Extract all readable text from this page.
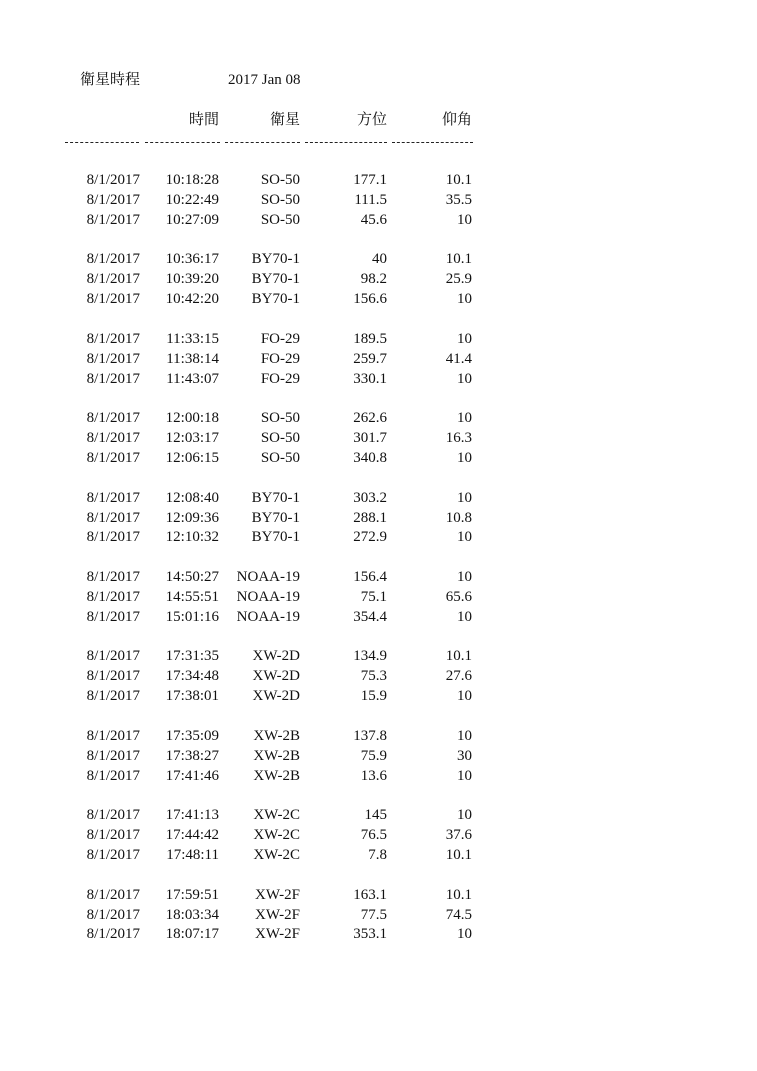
衛星時程	2017 Jan 08
時間	衛星	方位	仰角
8/1/2017 10:18:28	SO-50	177.1	10.1
8/1/2017 10:22:49	SO-50	111.5	35.5
8/1/2017 10:27:09	SO-50	45.6	10
8/1/2017 10:36:17 BY70-1	40	10.1
8/1/2017 10:39:20 BY70-1	98.2	25.9
8/1/2017 10:42:20 BY70-1	156.6	10
8/1/2017 11:33:15	FO-29	189.5	10
8/1/2017 11:38:14	FO-29	259.7	41.4
8/1/2017 11:43:07	FO-29	330.1	10
8/1/2017 12:00:18	SO-50	262.6	10
8/1/2017 12:03:17	SO-50	301.7	16.3
8/1/2017 12:06:15	SO-50	340.8	10
8/1/2017 12:08:40 BY70-1	303.2	10
8/1/2017 12:09:36 BY70-1	288.1	10.8
8/1/2017 12:10:32 BY70-1	272.9	10
8/1/2017 14:50:27 NOAA-19	156.4	10
8/1/2017 14:55:51 NOAA-19	75.1	65.6
8/1/2017 15:01:16 NOAA-19	354.4	10
8/1/2017 17:31:35 XW-2D	134.9	10.1
8/1/2017 17:34:48 XW-2D	75.3	27.6
8/1/2017 17:38:01 XW-2D	15.9	10
8/1/2017 17:35:09 XW-2B	137.8	10
8/1/2017 17:38:27 XW-2B	75.9	30
8/1/2017 17:41:46 XW-2B	13.6	10
8/1/2017 17:41:13 XW-2C	145	10
8/1/2017 17:44:42 XW-2C	76.5	37.6
8/1/2017 17:48:11 XW-2C	7.8	10.1
8/1/2017 17:59:51 XW-2F	163.1	10.1
8/1/2017 18:03:34 XW-2F	77.5	74.5
8/1/2017 18:07:17 XW-2F	353.1	10
